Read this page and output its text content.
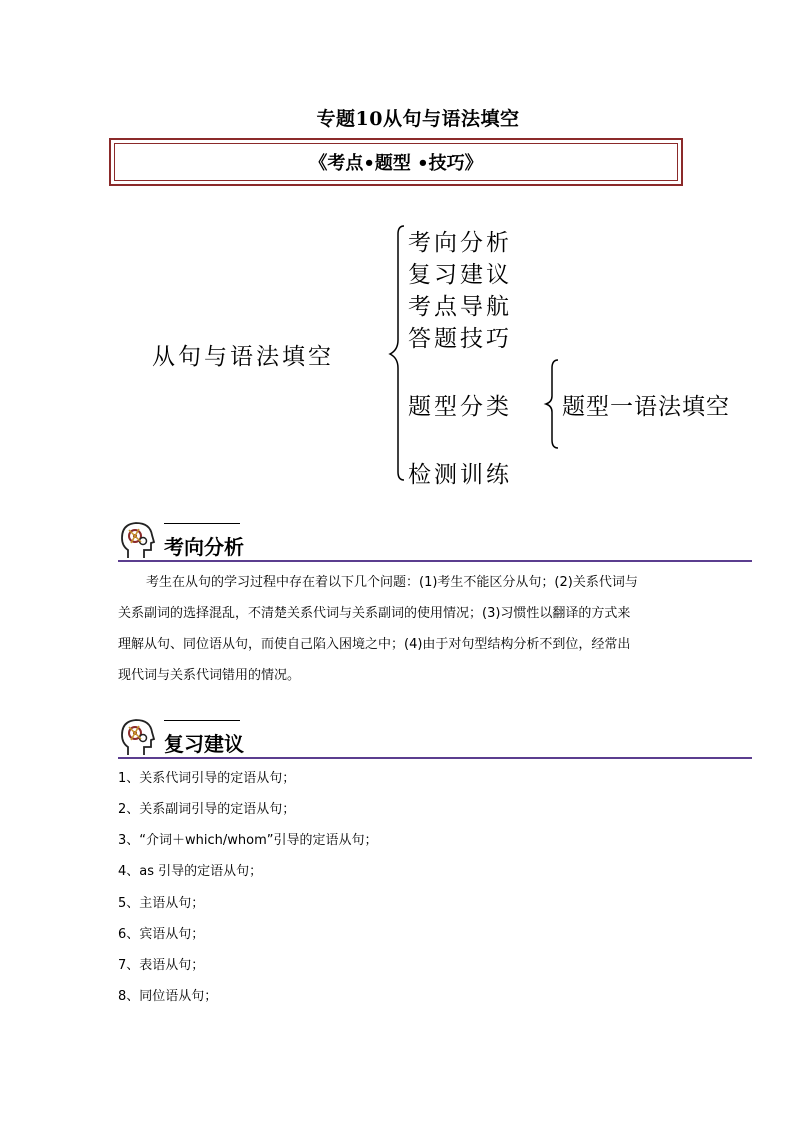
专题10从句与语法填空
《考点•题型 •技巧》
从句与语法填空
考向分析
复习建议
考点导航
答题技巧
题型分类
检测训练
题型一语法填空
考向分析
考生在从句的学习过程中存在着以下几个问题：(1)考生不能区分从句；(2)关系代词与
关系副词的选择混乱，不清楚关系代词与关系副词的使用情况；(3)习惯性以翻译的方式来
理解从句、同位语从句，而使自己陷入困境之中；(4)由于对句型结构分析不到位，经常出
现代词与关系代词错用的情况。
复习建议
1、关系代词引导的定语从句；
2、关系副词引导的定语从句；
3、“介词＋which/whom”引导的定语从句；
4、as 引导的定语从句；
5、主语从句；
6、宾语从句；
7、表语从句；
8、同位语从句；
